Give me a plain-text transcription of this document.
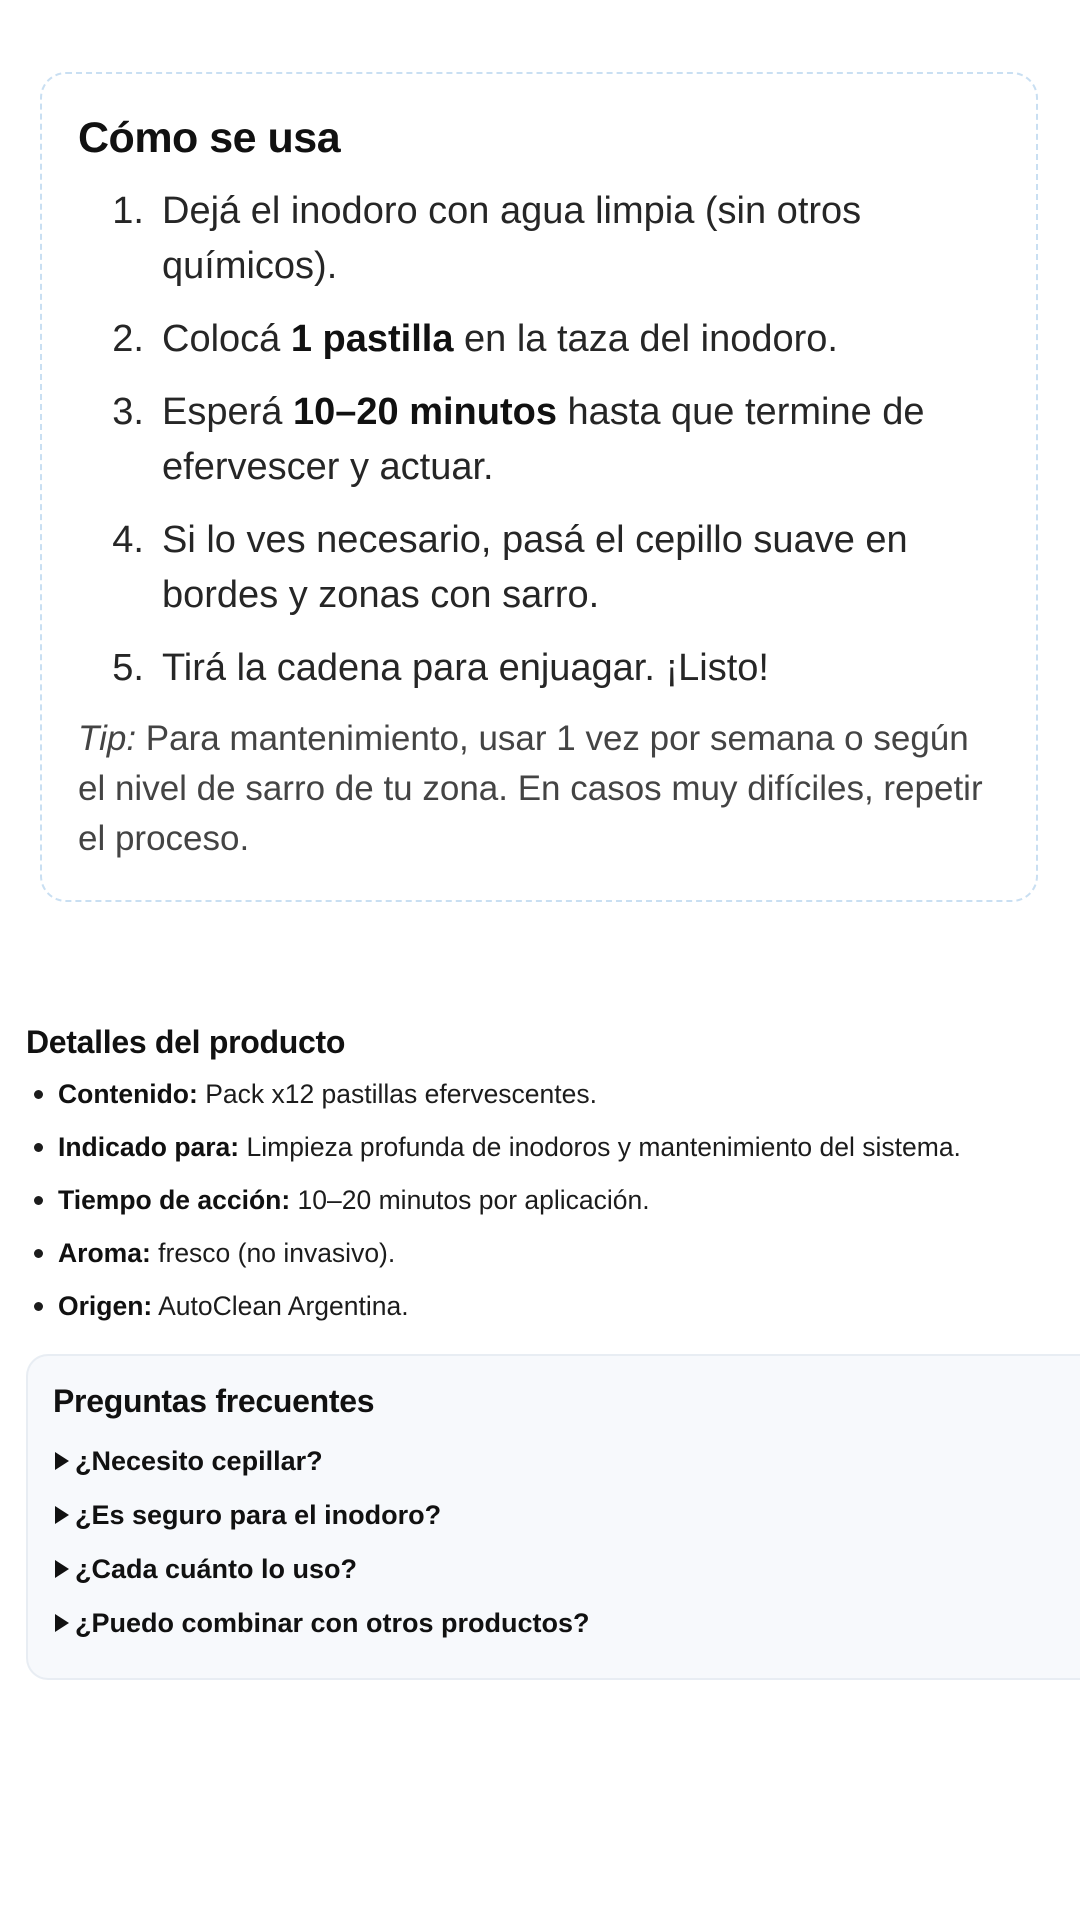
Cómo se usa
1. Dejá el inodoro con agua limpia (sin otros químicos).
2. Colocá 1 pastilla en la taza del inodoro.
3. Esperá 10–20 minutos hasta que termine de efervescer y actuar.
4. Si lo ves necesario, pasá el cepillo suave en bordes y zonas con sarro.
5. Tirá la cadena para enjuagar. ¡Listo!

Tip: Para mantenimiento, usar 1 vez por semana o según el nivel de sarro de tu zona. En casos muy difíciles, repetir el proceso.

Detalles del producto
Contenido: Pack x12 pastillas efervescentes.
Indicado para: Limpieza profunda de inodoros y mantenimiento del sistema.
Tiempo de acción: 10–20 minutos por aplicación.
Aroma: fresco (no invasivo).
Origen: AutoClean Argentina.
Preguntas frecuentes
¿Necesito cepillar?
¿Es seguro para el inodoro?
¿Cada cuánto lo uso?
¿Puedo combinar con otros productos?
